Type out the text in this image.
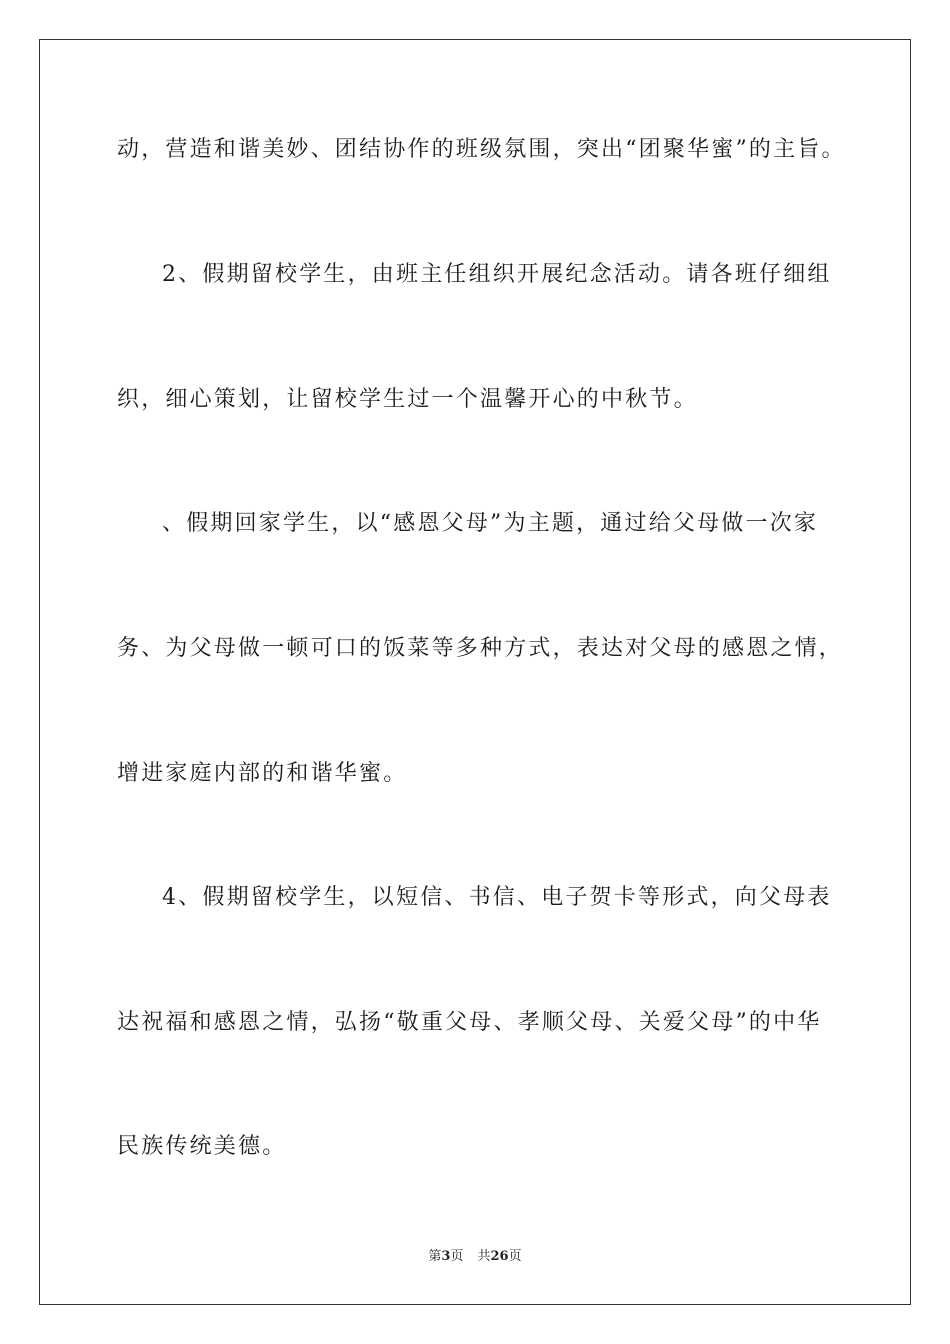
动，营造和谐美妙、团结协作的班级氛围，突出“团聚华蜜”的主旨。
2、假期留校学生，由班主任组织开展纪念活动。请各班仔细组
织，细心策划，让留校学生过一个温馨开心的中秋节。
、假期回家学生，以“感恩父母”为主题，通过给父母做一次家
务、为父母做一顿可口的饭菜等多种方式，表达对父母的感恩之情，
增进家庭内部的和谐华蜜。
4、假期留校学生，以短信、书信、电子贺卡等形式，向父母表
达祝福和感恩之情，弘扬“敬重父母、孝顺父母、关爱父母”的中华
民族传统美德。
第3页 共26页
